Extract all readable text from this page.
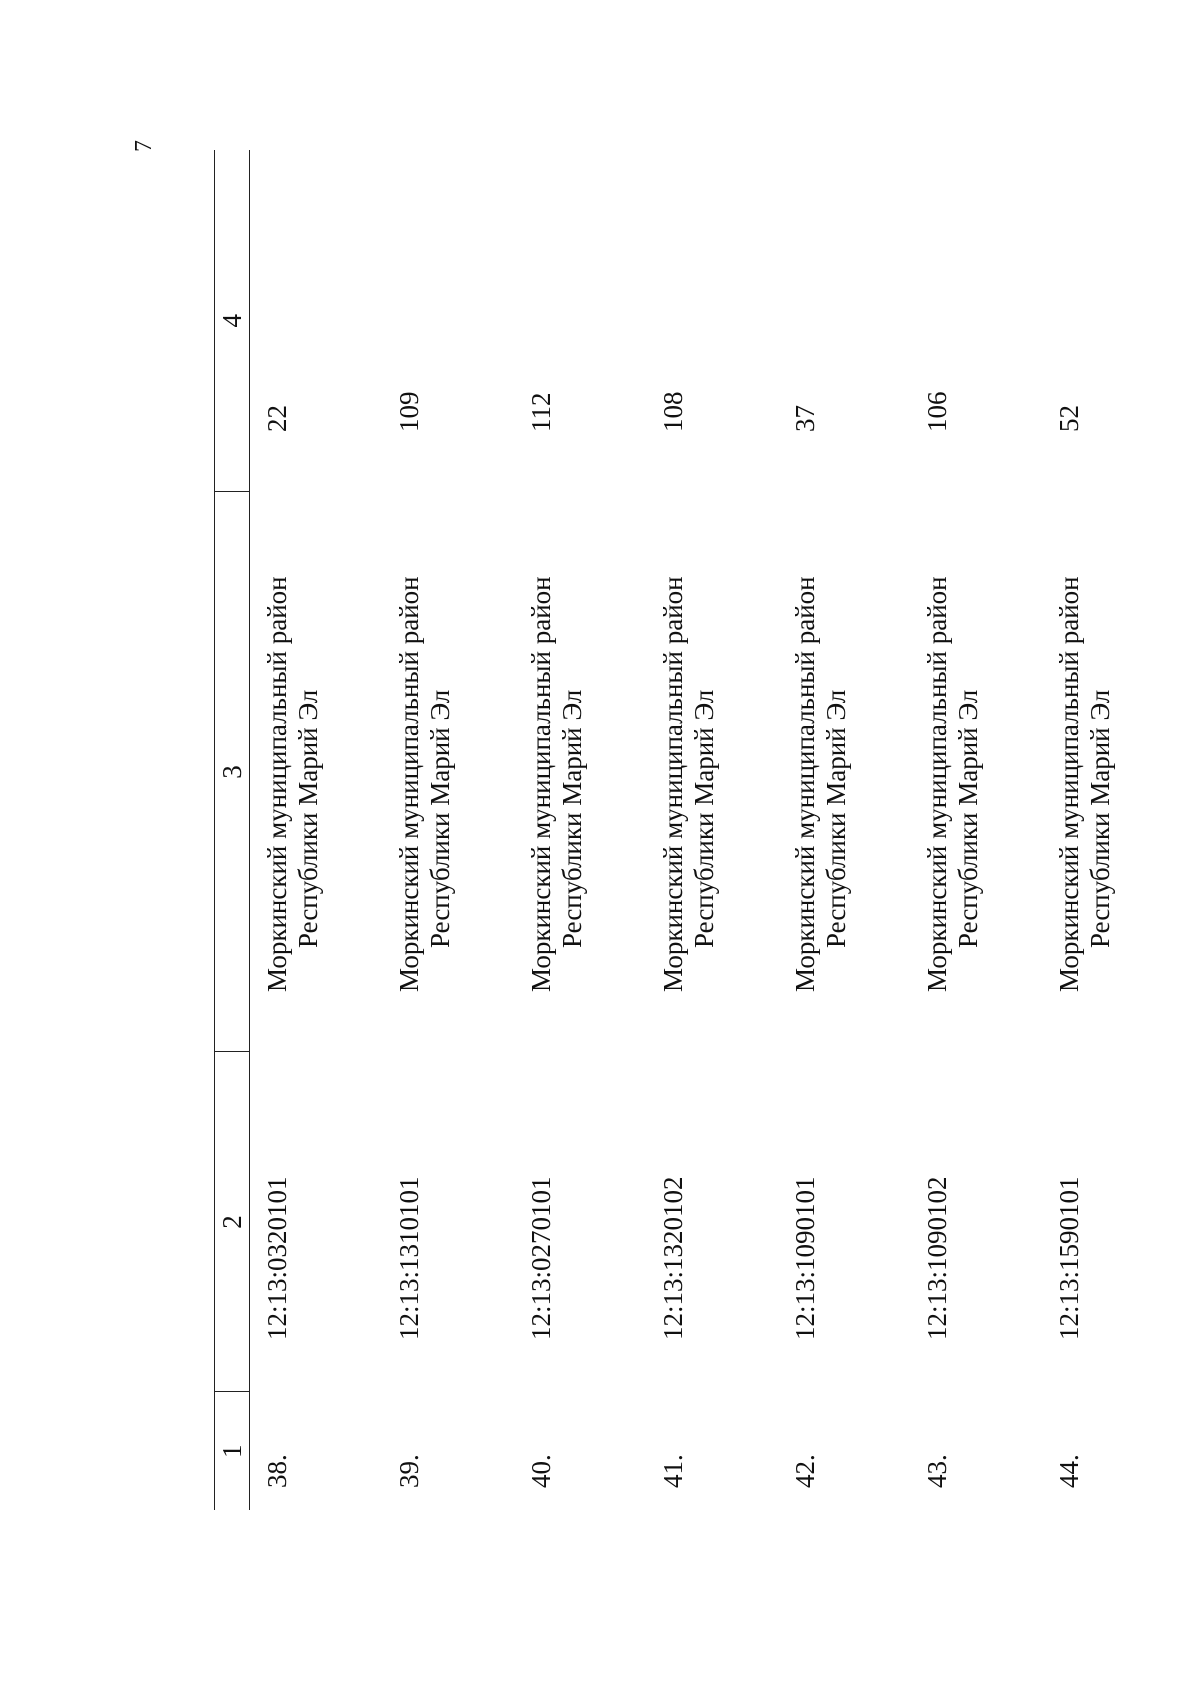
7
1	2	3	4
38.	12:13:0320101	Моркинский муниципальный район Республики Марий Эл	22
39.	12:13:1310101	Моркинский муниципальный район Республики Марий Эл	109
40.	12:13:0270101	Моркинский муниципальный район Республики Марий Эл	112
41.	12:13:1320102	Моркинский муниципальный район Республики Марий Эл	108
42.	12:13:1090101	Моркинский муниципальный район Республики Марий Эл	37
43.	12:13:1090102	Моркинский муниципальный район Республики Марий Эл	106
44.	12:13:1590101	Моркинский муниципальный район Республики Марий Эл	52
